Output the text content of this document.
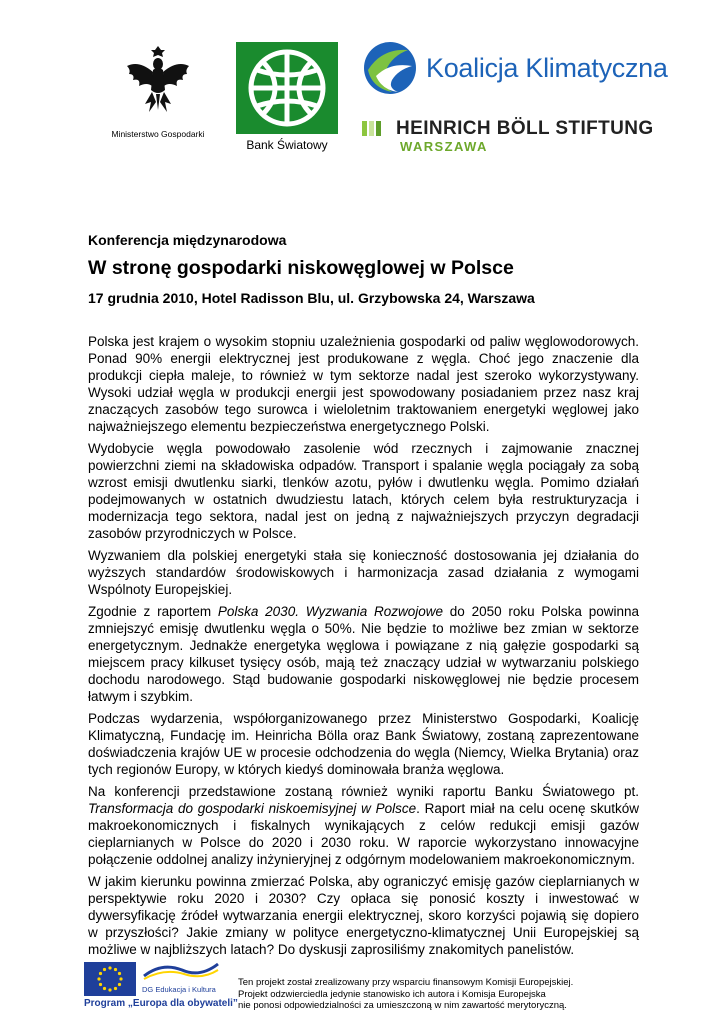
Ministerstwo Gospodarki
Bank Światowy
Koalicja Klimatyczna
HEINRICH BÖLL STIFTUNG
WARSZAWA
Konferencja międzynarodowa
W stronę gospodarki niskowęglowej w Polsce
17 grudnia 2010, Hotel Radisson Blu, ul. Grzybowska 24, Warszawa

Polska jest krajem o wysokim stopniu uzależnienia gospodarki od paliw węglowodorowych. Ponad 90% energii elektrycznej jest produkowane z węgla. Choć jego znaczenie dla produkcji ciepła maleje, to również w tym sektorze nadal jest szeroko wykorzystywany. Wysoki udział węgla w produkcji energii jest spowodowany posiadaniem przez nasz kraj znaczących zasobów tego surowca i wieloletnim traktowaniem energetyki węglowej jako najważniejszego elementu bezpieczeństwa energetycznego Polski.

Wydobycie węgla powodowało zasolenie wód rzecznych i zajmowanie znacznej powierzchni ziemi na składowiska odpadów. Transport i spalanie węgla pociągały za sobą wzrost emisji dwutlenku siarki, tlenków azotu, pyłów i dwutlenku węgla. Pomimo działań podejmowanych w ostatnich dwudziestu latach, których celem była restrukturyzacja i modernizacja tego sektora, nadal jest on jedną z najważniejszych przyczyn degradacji zasobów przyrodniczych w Polsce.

Wyzwaniem dla polskiej energetyki stała się konieczność dostosowania jej działania do wyższych standardów środowiskowych i harmonizacja zasad działania z wymogami Wspólnoty Europejskiej.

Zgodnie z raportem Polska 2030. Wyzwania Rozwojowe do 2050 roku Polska powinna zmniejszyć emisję dwutlenku węgla o 50%. Nie będzie to możliwe bez zmian w sektorze energetycznym. Jednakże energetyka węglowa i powiązane z nią gałęzie gospodarki są miejscem pracy kilkuset tysięcy osób, mają też znaczący udział w wytwarzaniu polskiego dochodu narodowego. Stąd budowanie gospodarki niskowęglowej nie będzie procesem łatwym i szybkim.

Podczas wydarzenia, współorganizowanego przez Ministerstwo Gospodarki, Koalicję Klimatyczną, Fundację im. Heinricha Bölla oraz Bank Światowy, zostaną zaprezentowane doświadczenia krajów UE w procesie odchodzenia do węgla (Niemcy, Wielka Brytania) oraz tych regionów Europy, w których kiedyś dominowała branża węglowa.

Na konferencji przedstawione zostaną również wyniki raportu Banku Światowego pt. Transformacja do gospodarki niskoemisyjnej w Polsce. Raport miał na celu ocenę skutków makroekonomicznych i fiskalnych wynikających z celów redukcji emisji gazów cieplarnianych w Polsce do 2020 i 2030 roku. W raporcie wykorzystano innowacyjne połączenie oddolnej analizy inżynieryjnej z odgórnym modelowaniem makroekonomicznym.

W jakim kierunku powinna zmierzać Polska, aby ograniczyć emisję gazów cieplarnianych w perspektywie roku 2020 i 2030? Czy opłaca się ponosić koszty i inwestować w dywersyfikację źródeł wytwarzania energii elektrycznej, skoro korzyści pojawią się dopiero w przyszłości? Jakie zmiany w polityce energetyczno-klimatycznej Unii Europejskiej są możliwe w najbliższych latach? Do dyskusji zaprosiliśmy znakomitych panelistów.

DG Edukacja i Kultura
Program „Europa dla obywateli”
Ten projekt został zrealizowany przy wsparciu finansowym Komisji Europejskiej.
Projekt odzwierciedla jedynie stanowisko ich autora i Komisja Europejska
nie ponosi odpowiedzialności za umieszczoną w nim zawartość merytoryczną.
